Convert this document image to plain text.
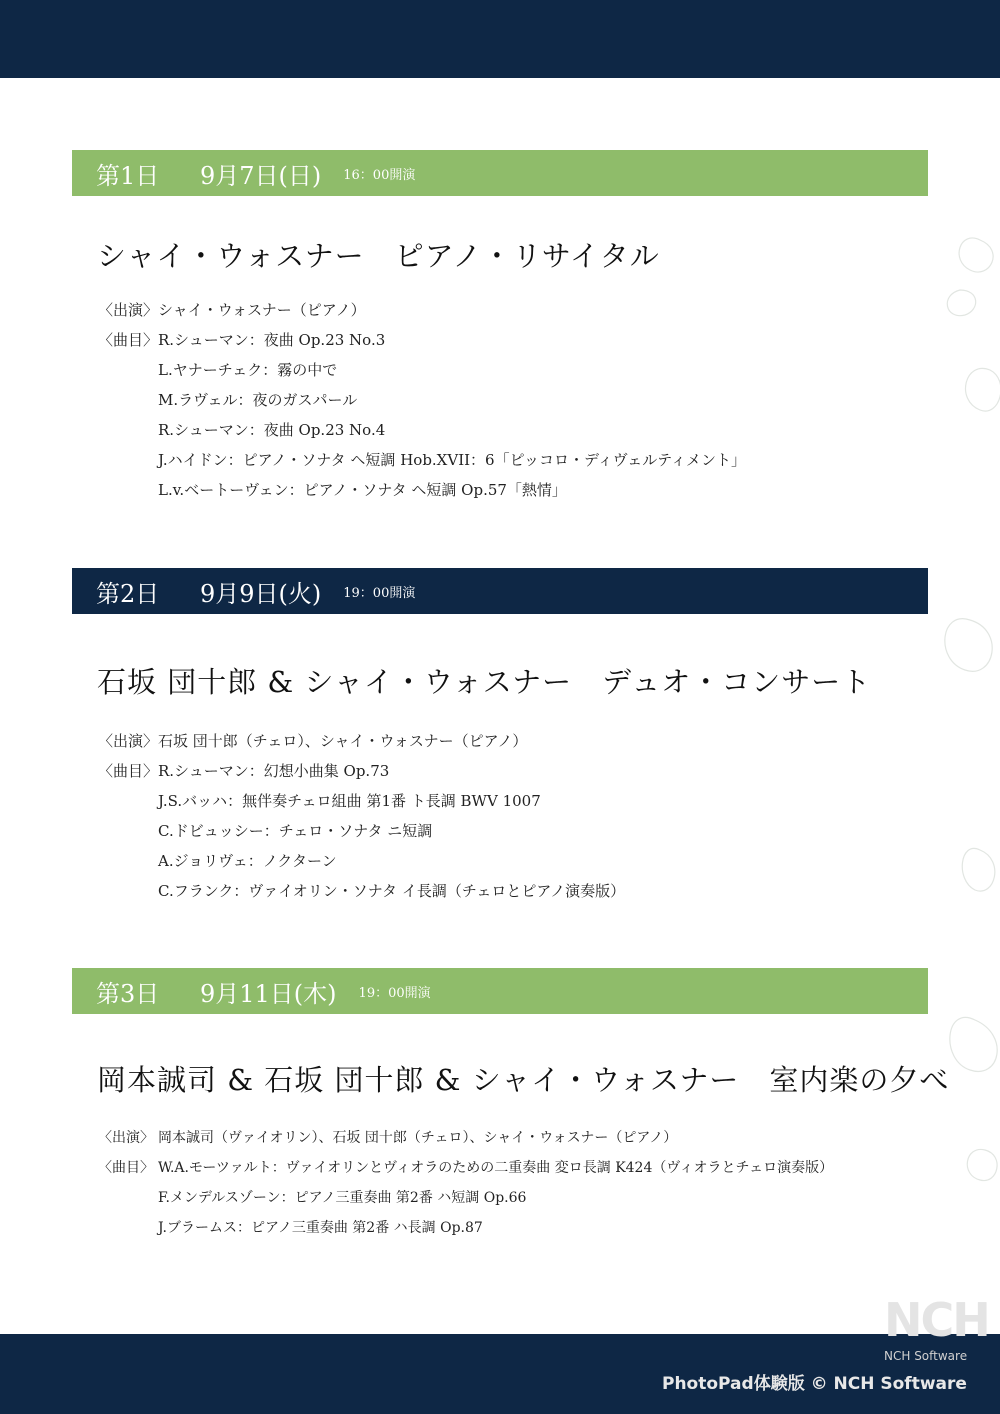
第1日	9月7日(日) 16：00開演
シャイ・ウォスナー　ピアノ・リサイタル
〈出演〉 シャイ・ウォスナー（ピアノ）
〈曲目〉 R.シューマン：夜曲 Op.23 No.3
L.ヤナーチェク：霧の中で
M.ラヴェル：夜のガスパール
R.シューマン：夜曲 Op.23 No.4
J.ハイドン：ピアノ・ソナタ ヘ短調 Hob.XVII：6「ピッコロ・ディヴェルティメント」
L.v.ベートーヴェン：ピアノ・ソナタ ヘ短調 Op.57「熱情」
第2日	9月9日(火) 19：00開演
石坂 団十郎 & シャイ・ウォスナー　デュオ・コンサート
〈出演〉 石坂 団十郎（チェロ）、シャイ・ウォスナー（ピアノ）
〈曲目〉 R.シューマン：幻想小曲集 Op.73
J.S.バッハ：無伴奏チェロ組曲 第1番 ト長調 BWV 1007
C.ドビュッシー：チェロ・ソナタ ニ短調
A.ジョリヴェ：ノクターン
C.フランク：ヴァイオリン・ソナタ イ長調（チェロとピアノ演奏版）
第3日	9月11日(木) 19：00開演
岡本誠司 & 石坂 団十郎 & シャイ・ウォスナー　室内楽の夕べ
〈出演〉 岡本誠司（ヴァイオリン）、石坂 団十郎（チェロ）、シャイ・ウォスナー（ピアノ）
〈曲目〉 W.A.モーツァルト：ヴァイオリンとヴィオラのための二重奏曲 変ロ長調 K424（ヴィオラとチェロ演奏版）
F.メンデルスゾーン：ピアノ三重奏曲 第2番 ハ短調 Op.66
J.ブラームス：ピアノ三重奏曲 第2番 ハ長調 Op.87
NCH
NCH Software
PhotoPad体験版 © NCH Software
